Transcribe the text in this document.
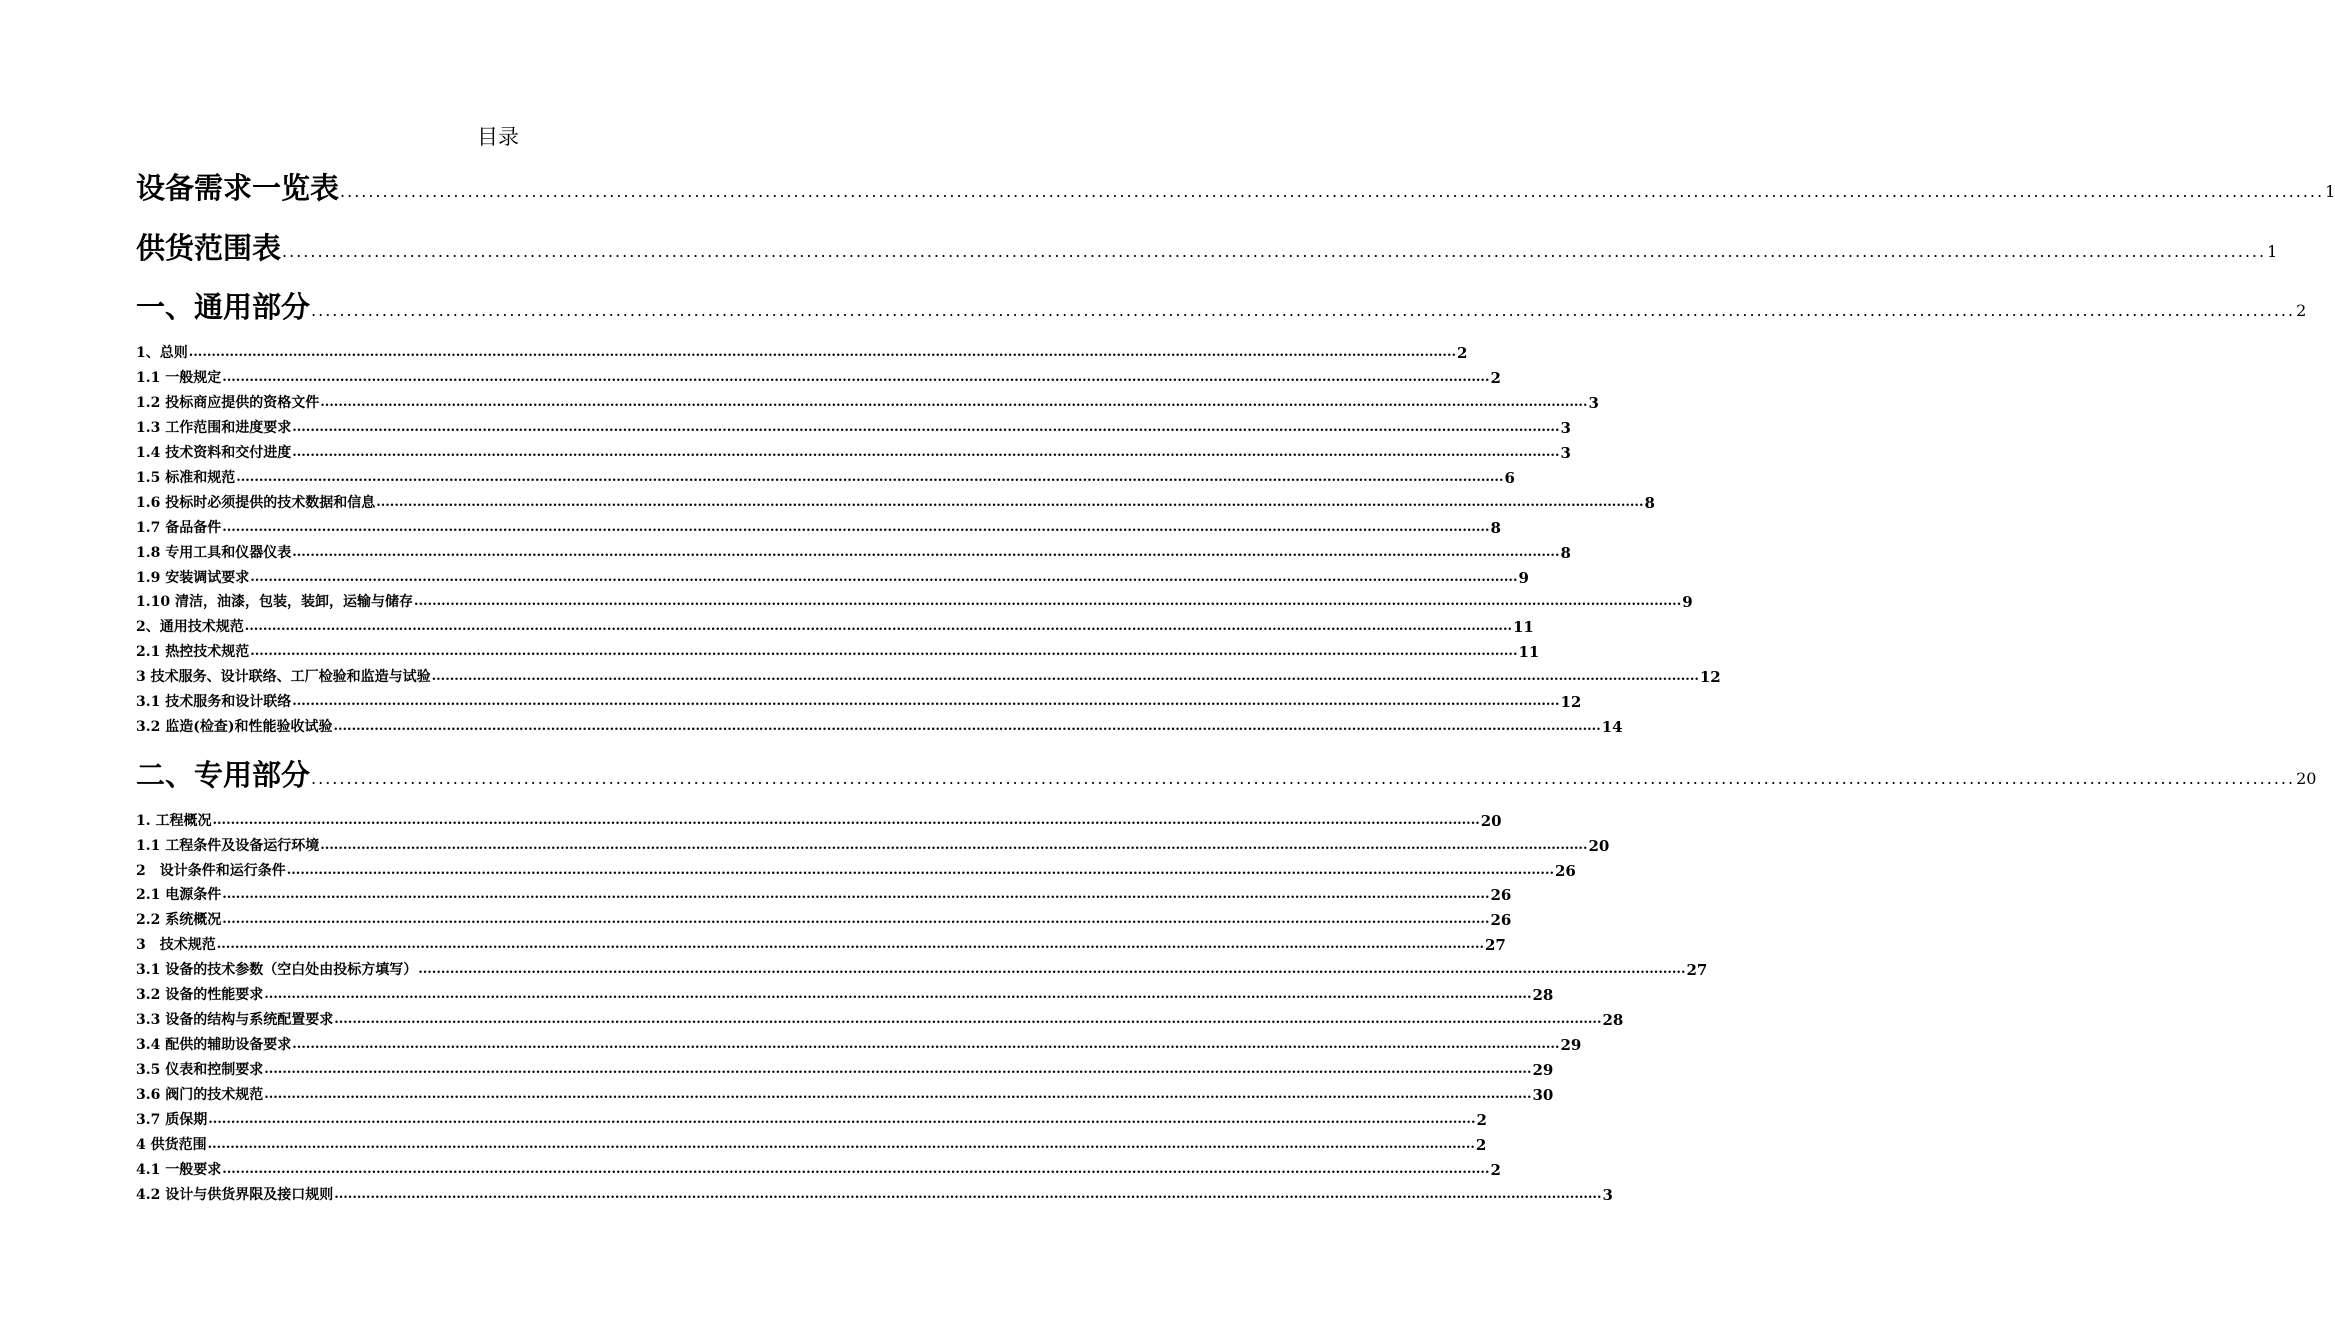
目录
设备需求一览表 ........................................................................................................................................................................................................................................................................................ 1
供货范围表 ........................................................................................................................................................................................................................................................................................ 1
一、通用部分 ........................................................................................................................................................................................................................................................................................ 2
1、总则 ........................................................................................................................................................................................................................................................................................ 2
1.1 一般规定 ........................................................................................................................................................................................................................................................................................ 2
1.2 投标商应提供的资格文件 ........................................................................................................................................................................................................................................................................................ 3
1.3 工作范围和进度要求 ........................................................................................................................................................................................................................................................................................ 3
1.4 技术资料和交付进度 ........................................................................................................................................................................................................................................................................................ 3
1.5 标准和规范 ........................................................................................................................................................................................................................................................................................ 6
1.6 投标时必须提供的技术数据和信息 ........................................................................................................................................................................................................................................................................................ 8
1.7 备品备件 ........................................................................................................................................................................................................................................................................................ 8
1.8 专用工具和仪器仪表 ........................................................................................................................................................................................................................................................................................ 8
1.9 安装调试要求 ........................................................................................................................................................................................................................................................................................ 9
1.10 清洁，油漆，包装，装卸，运输与储存 ........................................................................................................................................................................................................................................................................................ 9
2、通用技术规范 ........................................................................................................................................................................................................................................................................................ 11
2.1 热控技术规范 ........................................................................................................................................................................................................................................................................................ 11
3 技术服务、设计联络、工厂检验和监造与试验 ........................................................................................................................................................................................................................................................................................ 12
3.1 技术服务和设计联络 ........................................................................................................................................................................................................................................................................................ 12
3.2 监造(检查)和性能验收试验 ........................................................................................................................................................................................................................................................................................ 14
二、专用部分 ........................................................................................................................................................................................................................................................................................ 20
1. 工程概况 ........................................................................................................................................................................................................................................................................................ 20
1.1 工程条件及设备运行环境 ........................................................................................................................................................................................................................................................................................ 20
2　设计条件和运行条件 ........................................................................................................................................................................................................................................................................................ 26
2.1 电源条件 ........................................................................................................................................................................................................................................................................................ 26
2.2 系统概况 ........................................................................................................................................................................................................................................................................................ 26
3　技术规范 ........................................................................................................................................................................................................................................................................................ 27
3.1 设备的技术参数（空白处由投标方填写） ........................................................................................................................................................................................................................................................................................ 27
3.2 设备的性能要求 ........................................................................................................................................................................................................................................................................................ 28
3.3 设备的结构与系统配置要求 ........................................................................................................................................................................................................................................................................................ 28
3.4 配供的辅助设备要求 ........................................................................................................................................................................................................................................................................................ 29
3.5 仪表和控制要求 ........................................................................................................................................................................................................................................................................................ 29
3.6 阀门的技术规范 ........................................................................................................................................................................................................................................................................................ 30
3.7 质保期 ........................................................................................................................................................................................................................................................................................ 2
4 供货范围 ........................................................................................................................................................................................................................................................................................ 2
4.1 一般要求 ........................................................................................................................................................................................................................................................................................ 2
4.2 设计与供货界限及接口规则 ........................................................................................................................................................................................................................................................................................ 3
